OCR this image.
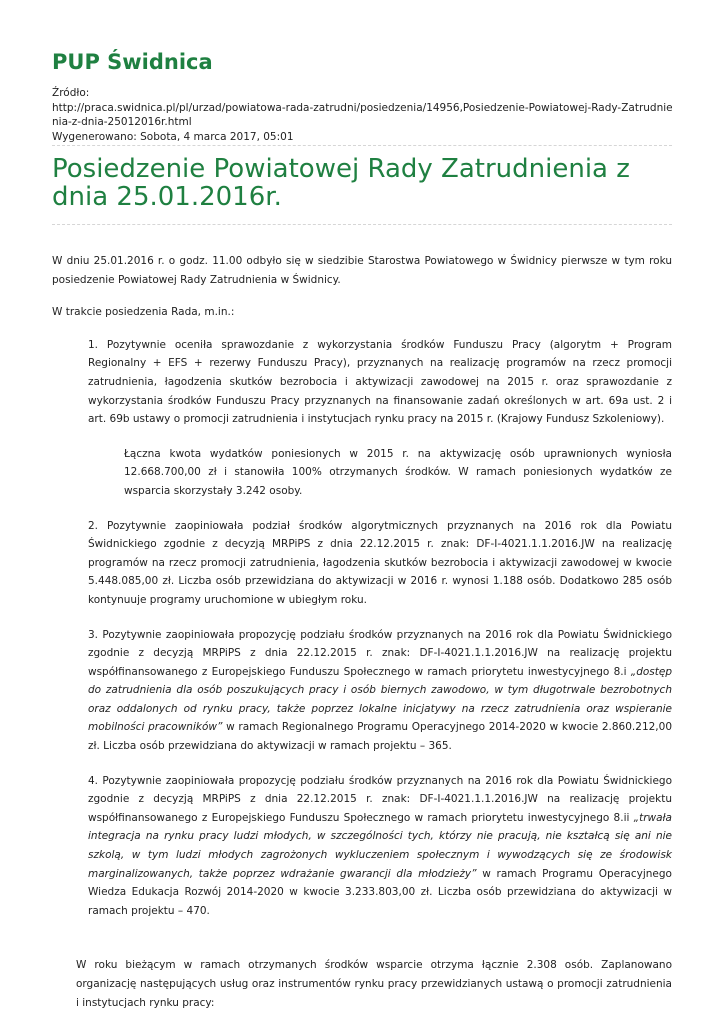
PUP Świdnica
Źródło:
http://praca.swidnica.pl/pl/urzad/powiatowa-rada-zatrudni/posiedzenia/14956,Posiedzenie-Powiatowej-Rady-Zatrudnienia-z-dnia-25012016r.html
Wygenerowano: Sobota, 4 marca 2017, 05:01
Posiedzenie Powiatowej Rady Zatrudnienia z dnia 25.01.2016r.

W dniu 25.01.2016 r. o godz. 11.00 odbyło się w siedzibie Starostwa Powiatowego w Świdnicy pierwsze w tym roku posiedzenie Powiatowej Rady Zatrudnienia w Świdnicy.

W trakcie posiedzenia Rada, m.in.:

1. Pozytywnie oceniła sprawozdanie z wykorzystania środków Funduszu Pracy (algorytm + Program Regionalny + EFS + rezerwy Funduszu Pracy), przyznanych na realizację programów na rzecz promocji zatrudnienia, łagodzenia skutków bezrobocia i aktywizacji zawodowej na 2015 r. oraz sprawozdanie z wykorzystania środków Funduszu Pracy przyznanych na finansowanie zadań określonych w art. 69a ust. 2 i art. 69b ustawy o promocji zatrudnienia i instytucjach rynku pracy na 2015 r. (Krajowy Fundusz Szkoleniowy).

Łączna kwota wydatków poniesionych w 2015 r. na aktywizację osób uprawnionych wyniosła 12.668.700,00 zł i stanowiła 100% otrzymanych środków. W ramach poniesionych wydatków ze wsparcia skorzystały 3.242 osoby.

2. Pozytywnie zaopiniowała podział środków algorytmicznych przyznanych na 2016 rok dla Powiatu Świdnickiego zgodnie z decyzją MRPiPS z dnia 22.12.2015 r. znak: DF-I-4021.1.1.2016.JW na realizację programów na rzecz promocji zatrudnienia, łagodzenia skutków bezrobocia i aktywizacji zawodowej w kwocie 5.448.085,00 zł. Liczba osób przewidziana do aktywizacji w 2016 r. wynosi 1.188 osób. Dodatkowo 285 osób kontynuuje programy uruchomione w ubiegłym roku.

3. Pozytywnie zaopiniowała propozycję podziału środków przyznanych na 2016 rok dla Powiatu Świdnickiego zgodnie z decyzją MRPiPS z dnia 22.12.2015 r. znak: DF-I-4021.1.1.2016.JW na realizację projektu współfinansowanego z Europejskiego Funduszu Społecznego w ramach priorytetu inwestycyjnego 8.i „dostęp do zatrudnienia dla osób poszukujących pracy i osób biernych zawodowo, w tym długotrwale bezrobotnych oraz oddalonych od rynku pracy, także poprzez lokalne inicjatywy na rzecz zatrudnienia oraz wspieranie mobilności pracowników” w ramach Regionalnego Programu Operacyjnego 2014-2020 w kwocie 2.860.212,00 zł. Liczba osób przewidziana do aktywizacji w ramach projektu – 365.

4. Pozytywnie zaopiniowała propozycję podziału środków przyznanych na 2016 rok dla Powiatu Świdnickiego zgodnie z decyzją MRPiPS z dnia 22.12.2015 r. znak: DF-I-4021.1.1.2016.JW na realizację projektu współfinansowanego z Europejskiego Funduszu Społecznego w ramach priorytetu inwestycyjnego 8.ii „trwała integracja na rynku pracy ludzi młodych, w szczególności tych, którzy nie pracują, nie kształcą się ani nie szkolą, w tym ludzi młodych zagrożonych wykluczeniem społecznym i wywodzących się ze środowisk marginalizowanych, także poprzez wdrażanie gwarancji dla młodzieży” w ramach Programu Operacyjnego Wiedza Edukacja Rozwój 2014-2020 w kwocie 3.233.803,00 zł. Liczba osób przewidziana do aktywizacji w ramach projektu – 470.

W roku bieżącym w ramach otrzymanych środków wsparcie otrzyma łącznie 2.308 osób. Zaplanowano organizację następujących usług oraz instrumentów rynku pracy przewidzianych ustawą o promocji zatrudnienia i instytucjach rynku pracy:
